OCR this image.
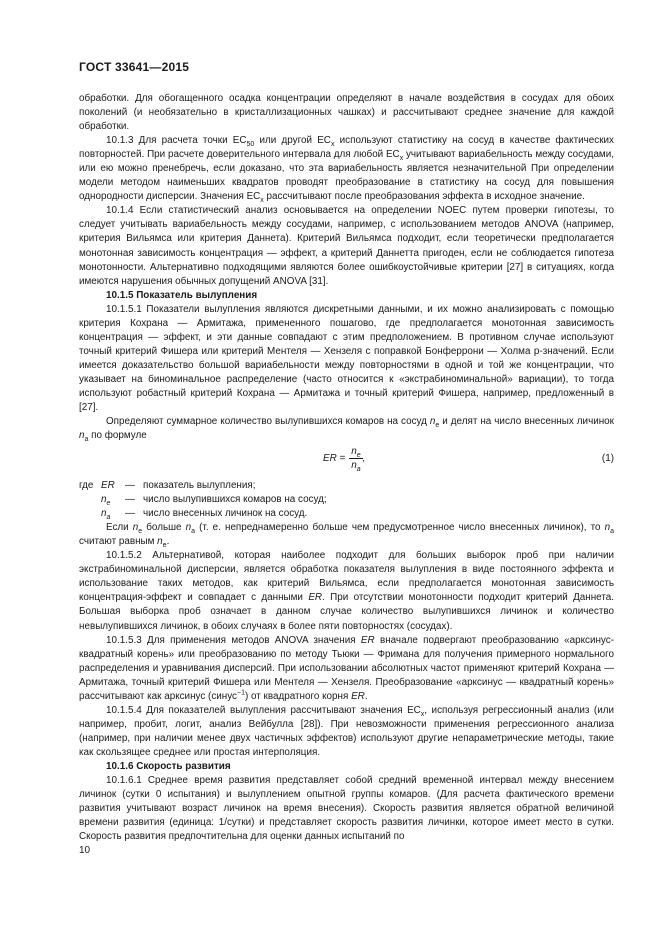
ГОСТ 33641—2015

обработки. Для обогащенного осадка концентрации определяют в начале воздействия в сосудах для обоих поколений (и необязательно в кристаллизационных чашках) и рассчитывают среднее значение для каждой обработки.

10.1.3 Для расчета точки $EC_{50}$ или другой $EC_x$ используют статистику на сосуд в качестве фактических повторностей. При расчете доверительного интервала для любой $EC_x$ учитывают вариабельность между сосудами, или ею можно пренебречь, если доказано, что эта вариабельность является незначительной При определении модели методом наименьших квадратов проводят преобразование в статистику на сосуд для повышения однородности дисперсии. Значения $EC_x$ рассчитывают после преобразования эффекта в исходное значение.

10.1.4 Если статистический анализ основывается на определении NOEC путем проверки гипотезы, то следует учитывать вариабельность между сосудами, например, с использованием методов ANOVA (например, критерия Вильямса или критерия Даннета). Критерий Вильямса подходит, если теоретически предполагается монотонная зависимость концентрация — эффект, а критерий Даннетта пригоден, если не соблюдается гипотеза монотонности. Альтернативно подходящими являются более ошибкоустойчивые критерии [27] в ситуациях, когда имеются нарушения обычных допущений ANOVA [31].

10.1.5 Показатель вылупления

10.1.5.1 Показатели вылупления являются дискретными данными, и их можно анализировать с помощью критерия Кохрана — Армитажа, примененного пошагово, где предполагается монотонная зависимость концентрация — эффект, и эти данные совпадают с этим предположением. В противном случае используют точный критерий Фишера или критерий Ментеля — Хензеля с поправкой Бонферрони — Холма p-значений. Если имеется доказательство большой вариабельности между повторностями в одной и той же концентрации, что указывает на биноминальное распределение (часто относится к «экстрабиноминальной» вариации), то тогда используют робастный критерий Кохрана — Армитажа и точный критерий Фишера, например, предложенный в [27].

Определяют суммарное количество вылупившихся комаров на сосуд $n_e$ и делят на число внесенных личинок $n_a$ по формуле

ER = $\frac{n_e}{n_a}$ ,	(1)
где ER — показатель вылупления;
$n_e$ — число вылупившихся комаров на сосуд;
$n_a$ — число внесенных личинок на сосуд.

Если $n_e$ больше $n_a$ (т. е. непреднамеренно больше чем предусмотренное число внесенных личинок), то $n_a$ считают равным $n_e$.

10.1.5.2 Альтернативой, которая наиболее подходит для больших выборок проб при наличии экстрабиноминальной дисперсии, является обработка показателя вылупления в виде постоянного эффекта и использование таких методов, как критерий Вильямса, если предполагается монотонная зависимость концентрация-эффект и совпадает с данными ER. При отсутствии монотонности подходит критерий Даннета. Большая выборка проб означает в данном случае количество вылупившихся личинок и количество невылупившихся личинок, в обоих случаях в более пяти повторностях (сосудах).

10.1.5.3 Для применения методов ANOVA значения ER вначале подвергают преобразованию «арксинус-квадратный корень» или преобразованию по методу Тьюки — Фримана для получения примерного нормального распределения и уравнивания дисперсий. При использовании абсолютных частот применяют критерий Кохрана — Армитажа, точный критерий Фишера или Ментеля — Хензеля. Преобразование «арксинус — квадратный корень» рассчитывают как арксинус (синус$^{-1}$) от квадратного корня ER.

10.1.5.4 Для показателей вылупления рассчитывают значения $EC_x$, используя регрессионный анализ (или например, пробит, логит, анализ Вейбулла [28]). При невозможности применения регрессионного анализа (например, при наличии менее двух частичных эффектов) используют другие непараметрические методы, такие как скользящее среднее или простая интерполяция.

10.1.6 Скорость развития

10.1.6.1 Среднее время развития представляет собой средний временной интервал между внесением личинок (сутки 0 испытания) и вылуплением опытной группы комаров. (Для расчета фактического времени развития учитывают возраст личинок на время внесения). Скорость развития является обратной величиной времени развития (единица: 1/сутки) и представляет скорость развития личинки, которое имеет место в сутки. Скорость развития предпочтительна для оценки данных испытаний по

10
